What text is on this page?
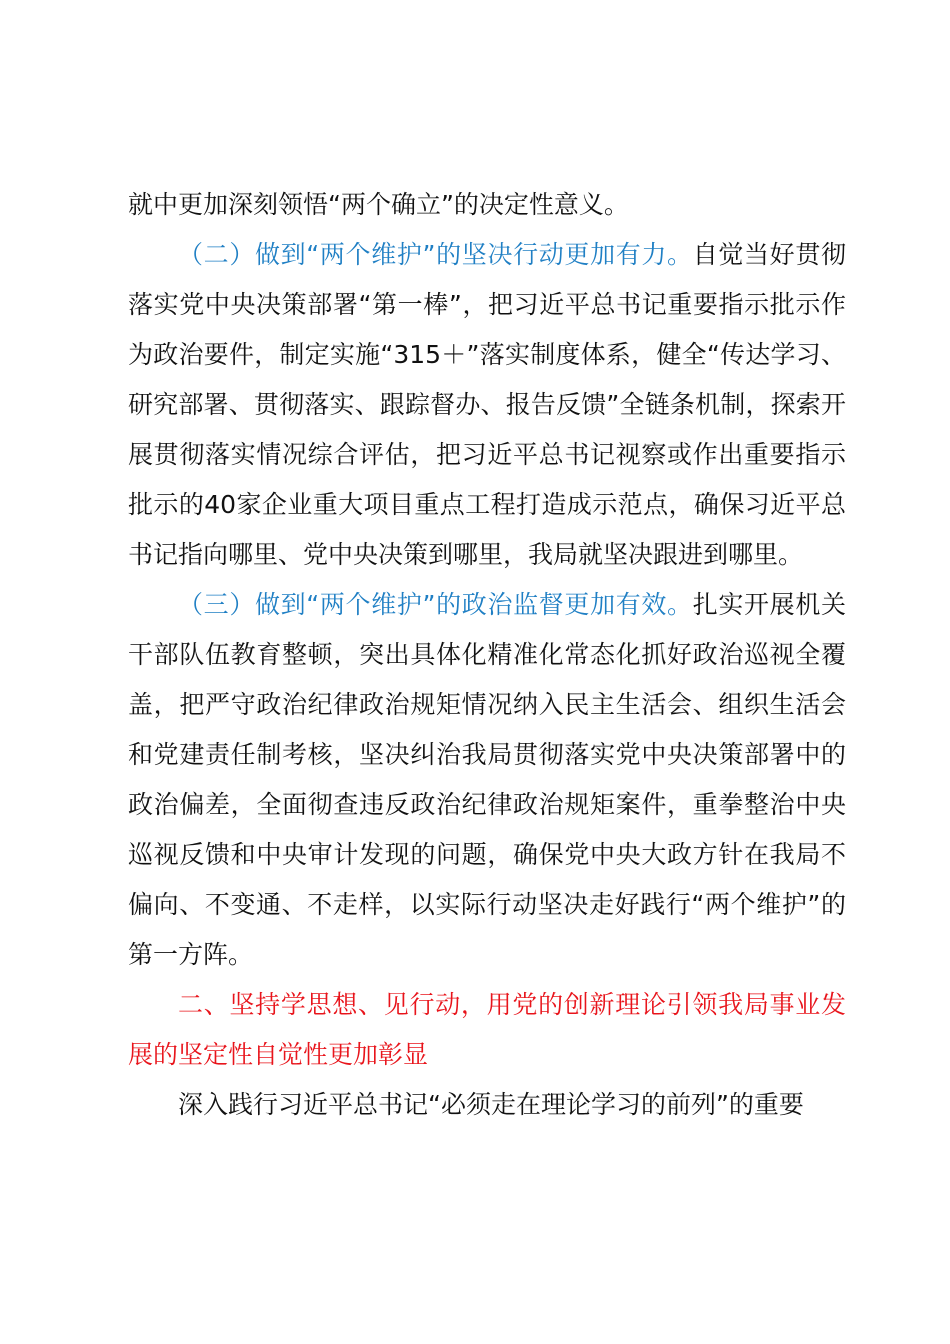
就中更加深刻领悟“两个确立”的决定性意义。

（二）做到“两个维护”的坚决行动更加有力。自觉当好贯彻落实党中央决策部署“第一棒”，把习近平总书记重要指示批示作为政治要件，制定实施“315＋”落实制度体系，健全“传达学习、研究部署、贯彻落实、跟踪督办、报告反馈”全链条机制，探索开展贯彻落实情况综合评估，把习近平总书记视察或作出重要指示批示的40家企业重大项目重点工程打造成示范点，确保习近平总书记指向哪里、党中央决策到哪里，我局就坚决跟进到哪里。

（三）做到“两个维护”的政治监督更加有效。扎实开展机关干部队伍教育整顿，突出具体化精准化常态化抓好政治巡视全覆盖，把严守政治纪律政治规矩情况纳入民主生活会、组织生活会和党建责任制考核，坚决纠治我局贯彻落实党中央决策部署中的政治偏差，全面彻查违反政治纪律政治规矩案件，重拳整治中央巡视反馈和中央审计发现的问题，确保党中央大政方针在我局不偏向、不变通、不走样，以实际行动坚决走好践行“两个维护”的第一方阵。

二、坚持学思想、见行动，用党的创新理论引领我局事业发展的坚定性自觉性更加彰显

深入践行习近平总书记“必须走在理论学习的前列”的重要
